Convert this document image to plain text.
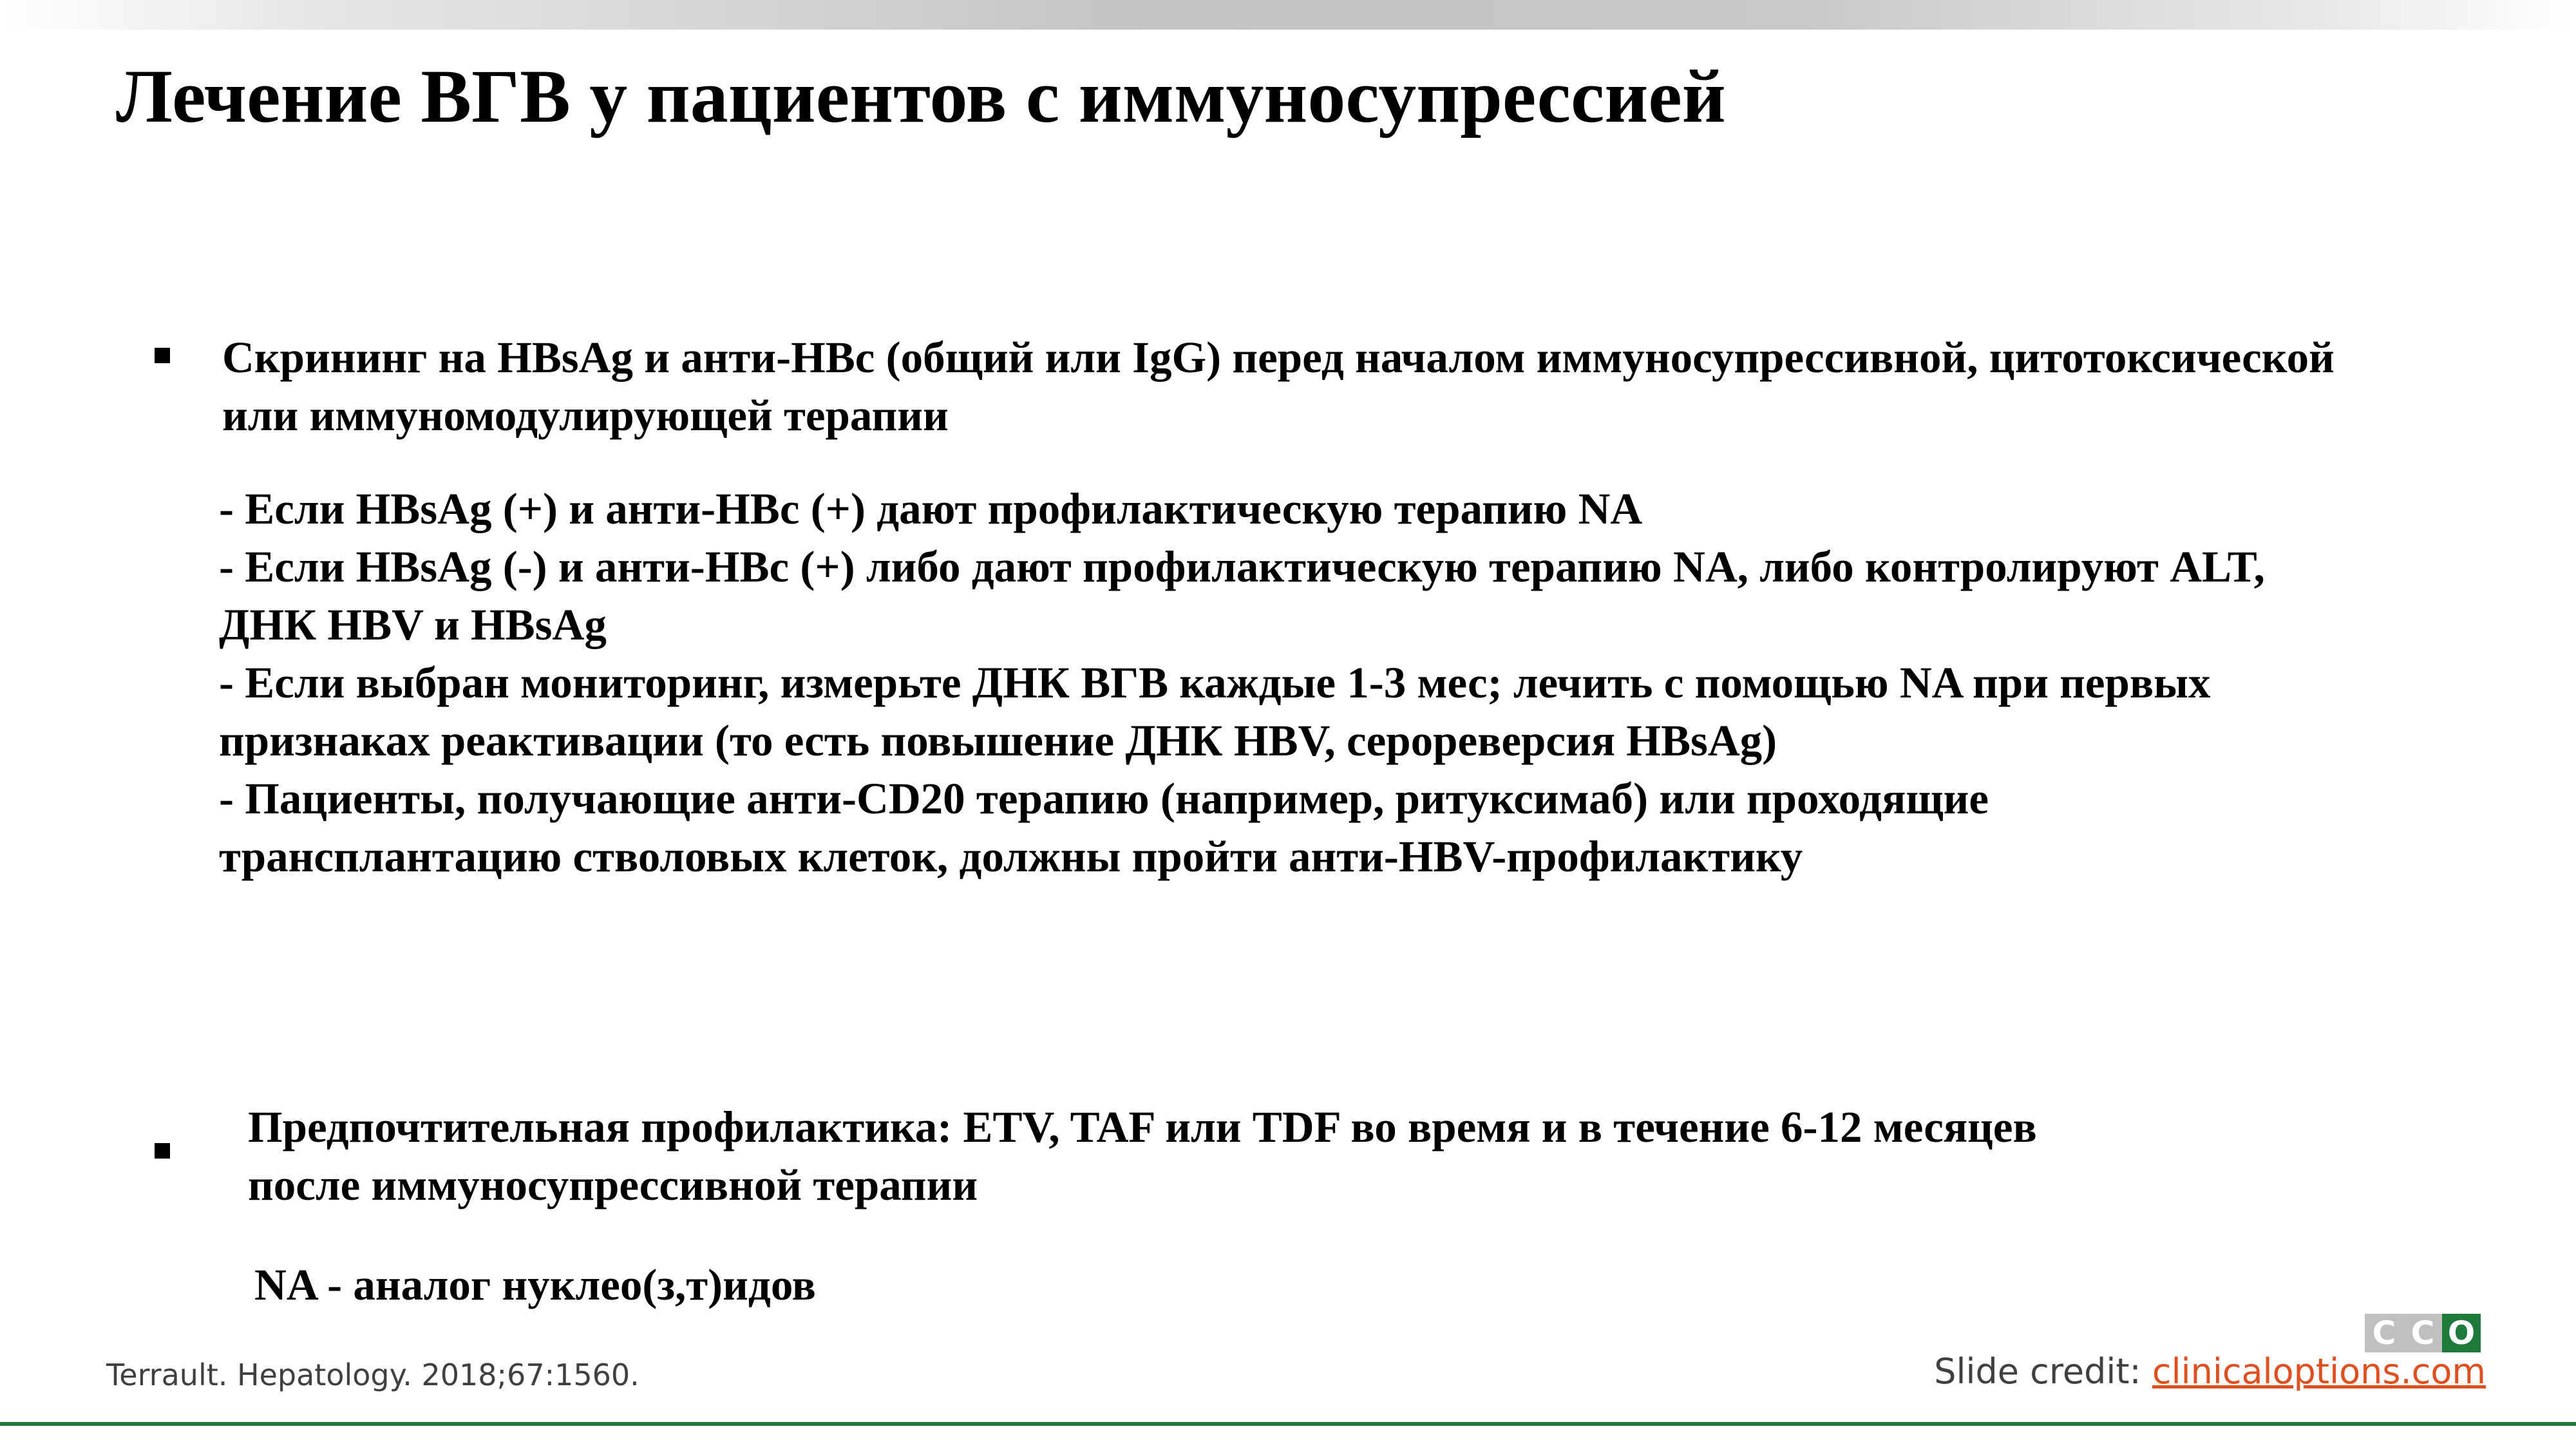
Лечение ВГВ у пациентов с иммуносупрессией
Скрининг на HBsAg и анти-HBc (общий или IgG) перед началом иммуносупрессивной, цитотоксической
или иммуномодулирующей терапии
- Если HBsAg (+) и анти-HBc (+) дают профилактическую терапию NA
- Если HBsAg (-) и анти-HBc (+) либо дают профилактическую терапию NA, либо контролируют ALT,
ДНК HBV и HBsAg
- Если выбран мониторинг, измерьте ДНК ВГВ каждые 1-3 мес; лечить с помощью NA при первых
признаках реактивации (то есть повышение ДНК HBV, сeроpеверсия HBsAg)
- Пациенты, получающие анти-CD20 терапию (например, ритуксимаб) или проходящие
трансплантацию стволовых клеток, должны пройти анти-HBV-профилактику
Предпочтительная профилактика: ETV, TAF или TDF во время и в течение 6-12 месяцев
после иммуносупрессивной терапии
NA - аналог нуклео(з,т)идов
C C O
Terrault. Hepatology. 2018;67:1560.	Slide credit: clinicaloptions.com
